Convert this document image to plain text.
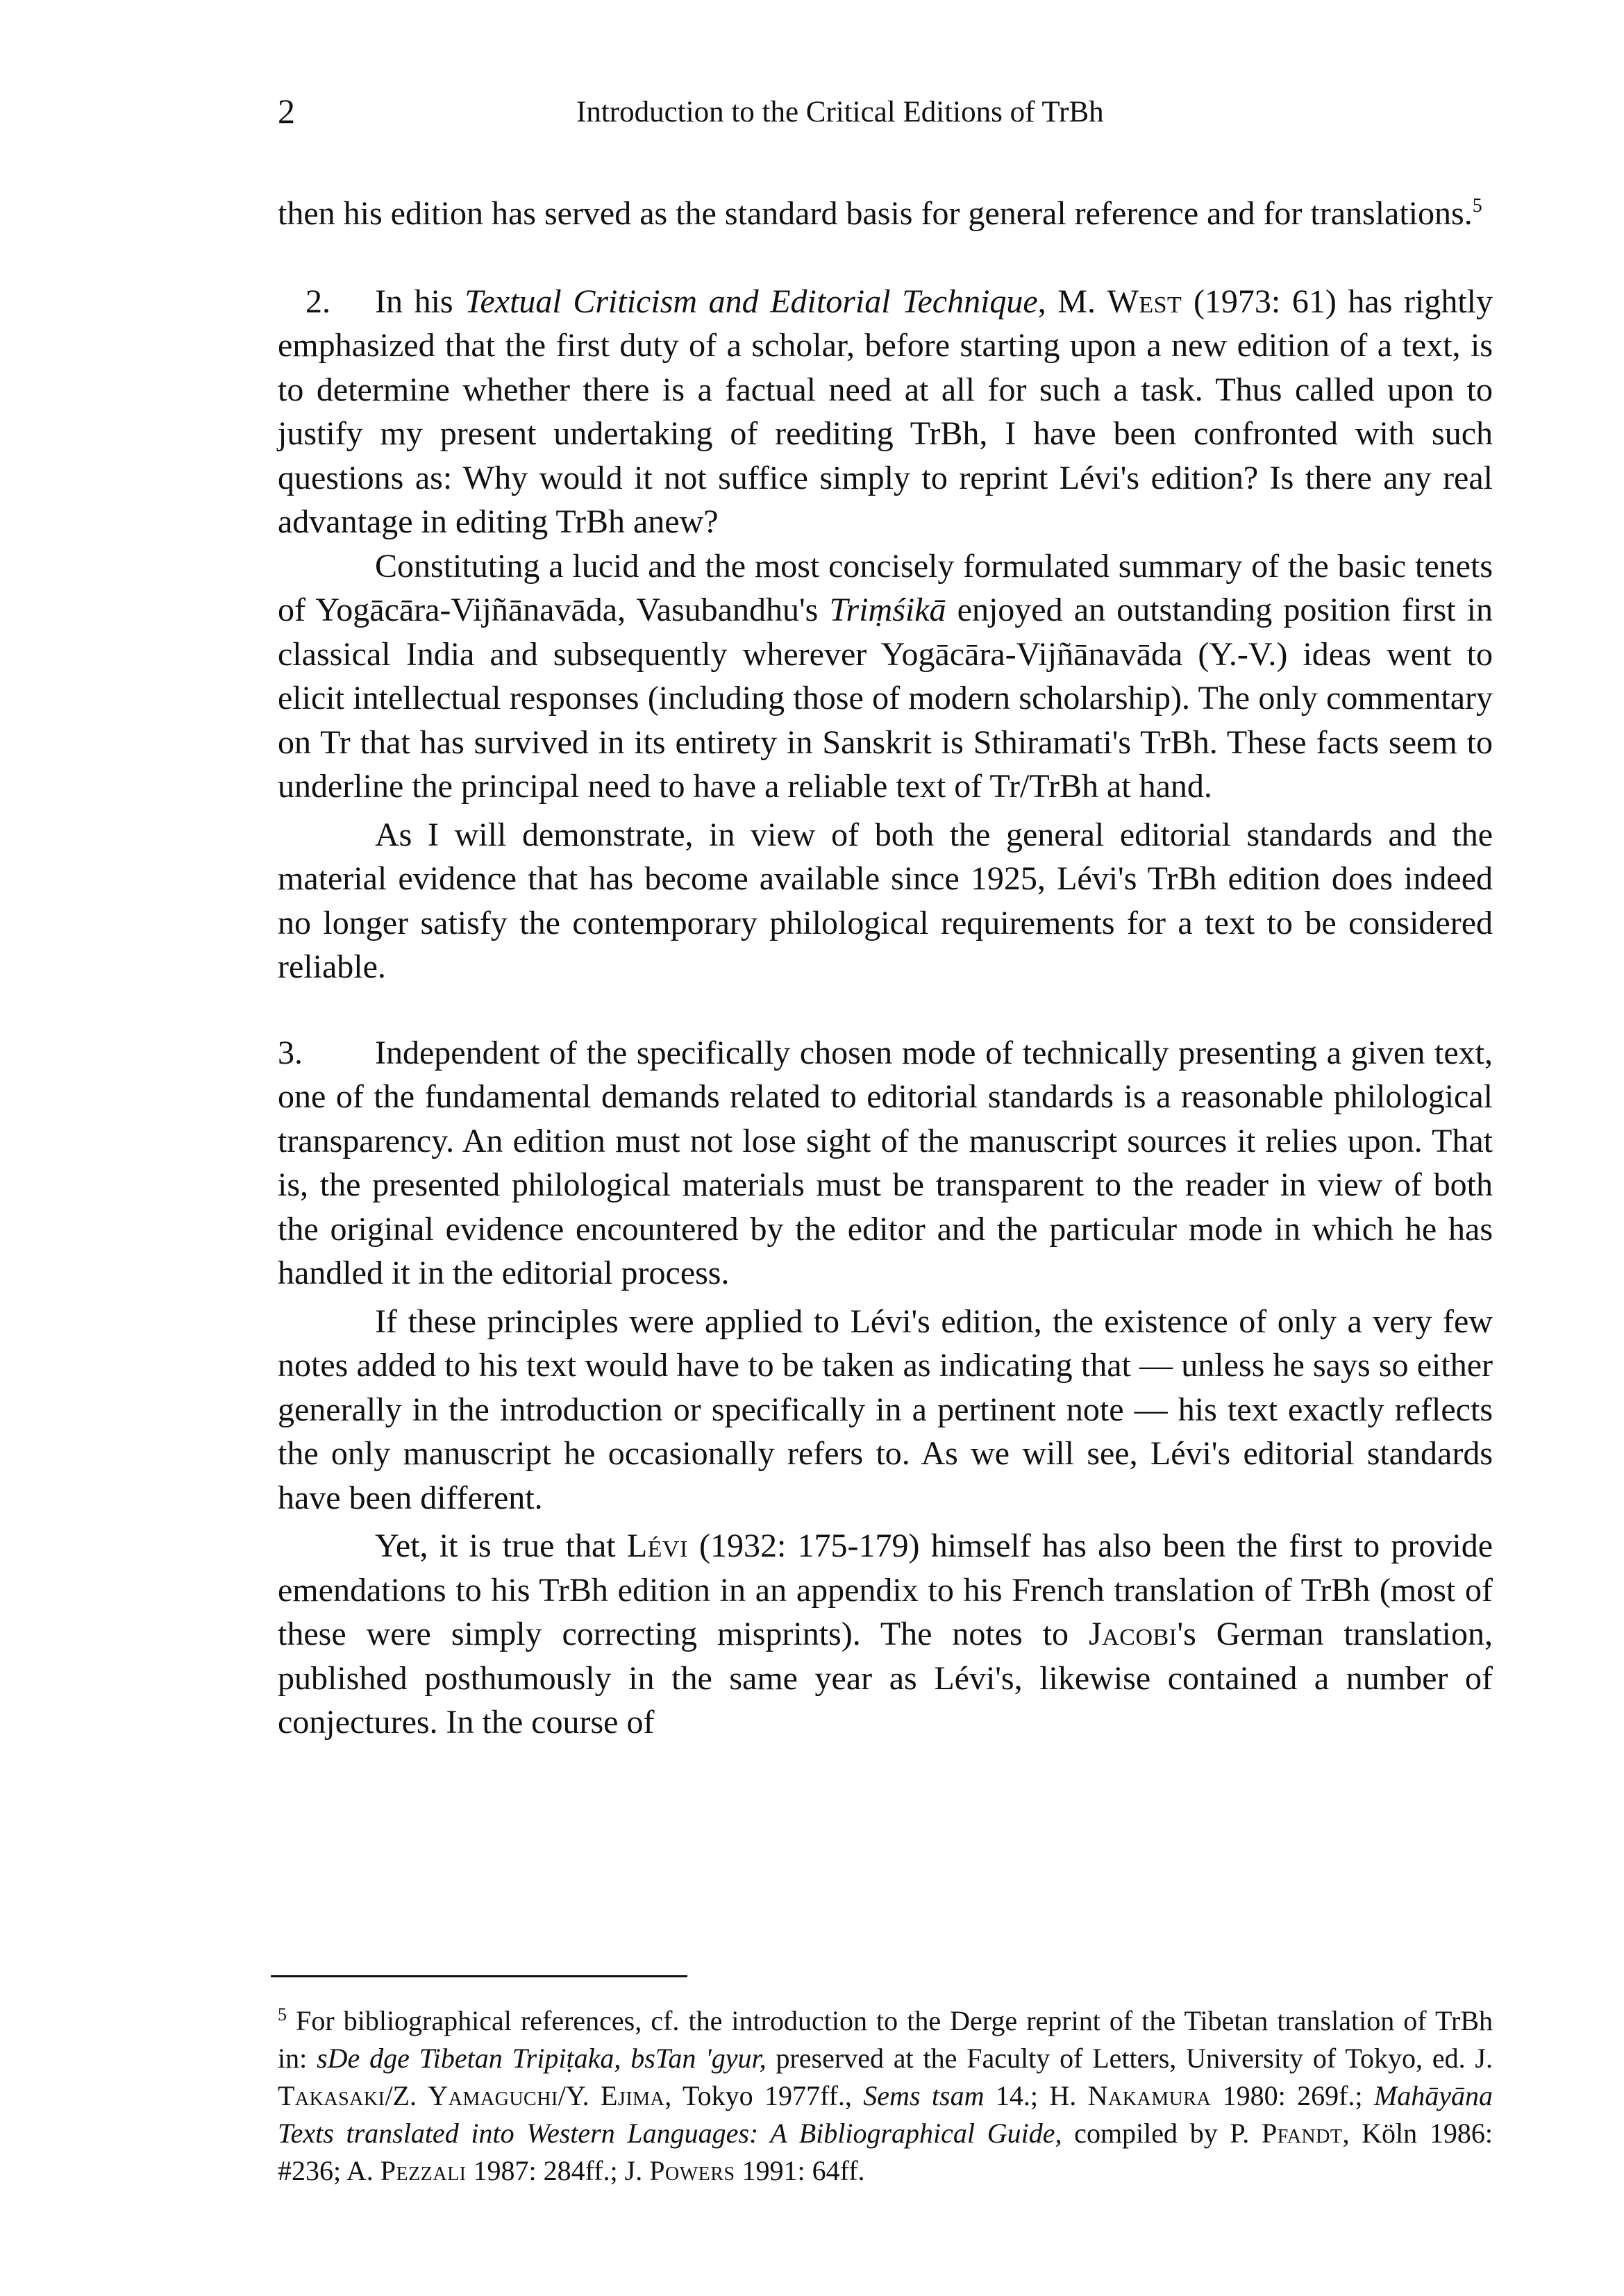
2	Introduction to the Critical Editions of TrBh

then his edition has served as the standard basis for general reference and for translations.$^5$

2. In his Textual Criticism and Editorial Technique, M. West (1973: 61) has rightly emphasized that the first duty of a scholar, before starting upon a new edition of a text, is to determine whether there is a factual need at all for such a task. Thus called upon to justify my present undertaking of reediting TrBh, I have been confronted with such questions as: Why would it not suffice simply to reprint Lévi's edition? Is there any real advantage in editing TrBh anew?

Constituting a lucid and the most concisely formulated summary of the basic tenets of Yogācāra-Vijñānavāda, Vasubandhu's Triṃśikā enjoyed an outstanding position first in classical India and subsequently wherever Yogācāra-Vijñānavāda (Y.-V.) ideas went to elicit intellectual responses (including those of modern scholarship). The only commentary on Tr that has survived in its entirety in Sanskrit is Sthiramati's TrBh. These facts seem to underline the principal need to have a reliable text of Tr/TrBh at hand.

As I will demonstrate, in view of both the general editorial standards and the material evidence that has become available since 1925, Lévi's TrBh edition does indeed no longer satisfy the contemporary philological requirements for a text to be considered reliable.

3. Independent of the specifically chosen mode of technically presenting a given text, one of the fundamental demands related to editorial standards is a reasonable philological transparency. An edition must not lose sight of the manuscript sources it relies upon. That is, the presented philological materials must be transparent to the reader in view of both the original evidence encountered by the editor and the particular mode in which he has handled it in the editorial process.

If these principles were applied to Lévi's edition, the existence of only a very few notes added to his text would have to be taken as indicating that — unless he says so either generally in the introduction or specifically in a pertinent note — his text exactly reflects the only manuscript he occasionally refers to. As we will see, Lévi's editorial standards have been different.

Yet, it is true that Lévi (1932: 175-179) himself has also been the first to provide emendations to his TrBh edition in an appendix to his French translation of TrBh (most of these were simply correcting misprints). The notes to Jacobi's German translation, published posthumously in the same year as Lévi's, likewise contained a number of conjectures. In the course of

$^5$ For bibliographical references, cf. the introduction to the Derge reprint of the Tibetan translation of TrBh in: sDe dge Tibetan Tripiṭaka, bsTan 'gyur, preserved at the Faculty of Letters, University of Tokyo, ed. J. Takasaki/Z. Yamaguchi/Y. Ejima, Tokyo 1977ff., Sems tsam 14.; H. Nakamura 1980: 269f.; Mahāyāna Texts translated into Western Languages: A Bibliographical Guide, compiled by P. Pfandt, Köln 1986: #236; A. Pezzali 1987: 284ff.; J. Powers 1991: 64ff.
